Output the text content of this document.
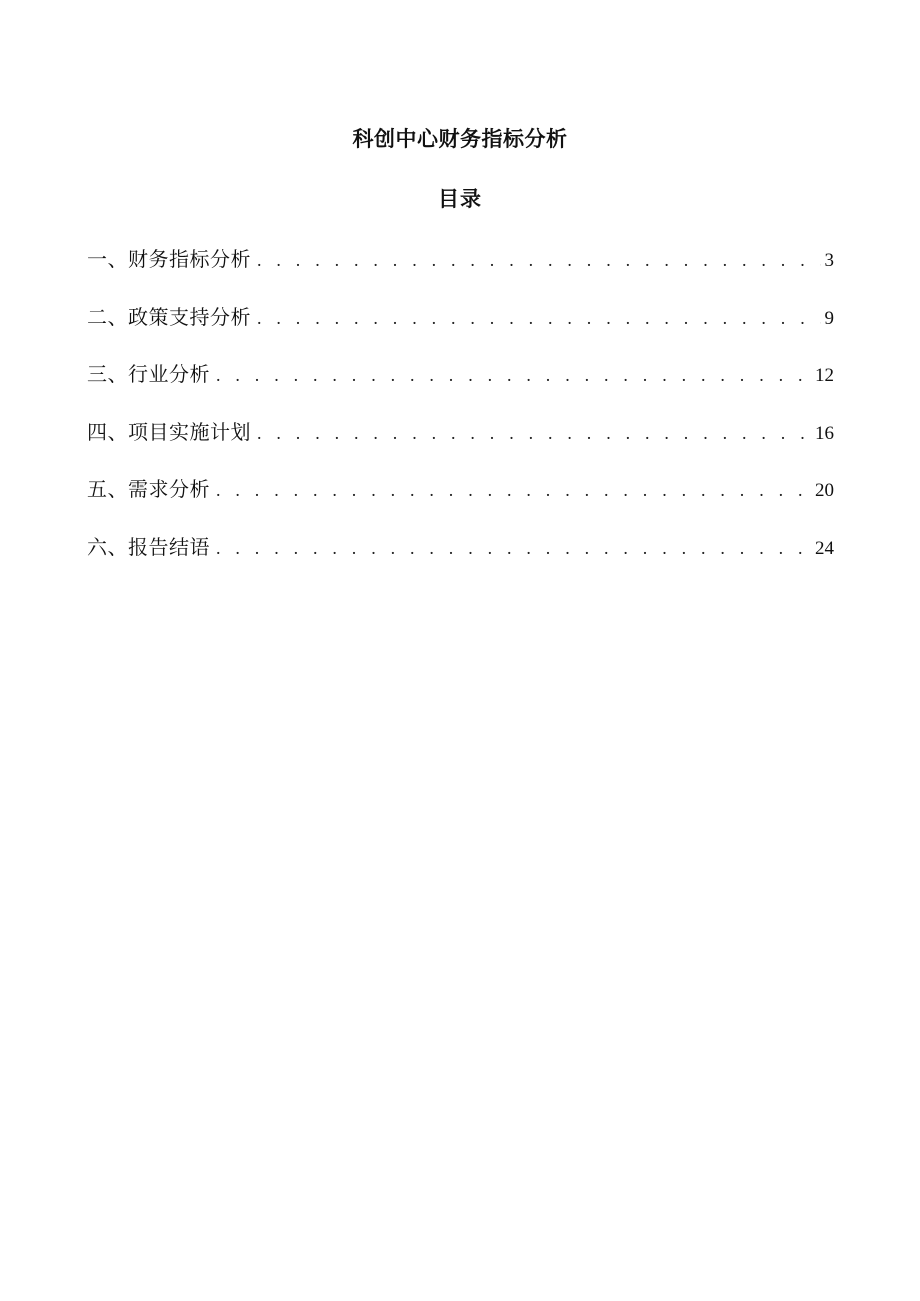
科创中心财务指标分析
目录
一、财务指标分析 . . .	3
二、政策支持分析 . . .	9
三、行业分析 . . .	12
四、项目实施计划 . . .	16
五、需求分析 . . .	20
六、报告结语 . . .	24
